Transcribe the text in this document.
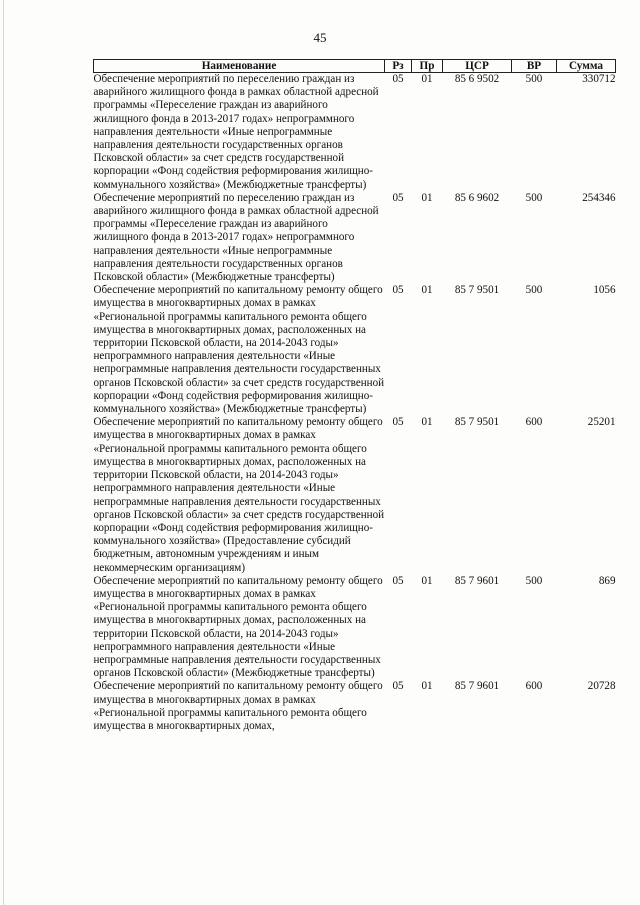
45
Наименование	Рз	Пр	ЦСР	ВР	Сумма
Обеспечение мероприятий по переселению граждан из аварийного жилищного фонда в рамках областной адресной программы «Переселение граждан из аварийного жилищного фонда в 2013-2017 годах» непрограммного направления деятельности «Иные непрограммные направления деятельности государственных органов Псковской области» за счет средств государственной корпорации «Фонд содействия реформирования жилищно-коммунального хозяйства» (Межбюджетные трансферты)	05	01	85 6 9502	500	330712
Обеспечение мероприятий по переселению граждан из аварийного жилищного фонда в рамках областной адресной программы «Переселение граждан из аварийного жилищного фонда в 2013-2017 годах» непрограммного направления деятельности «Иные непрограммные направления деятельности государственных органов Псковской области» (Межбюджетные трансферты)	05	01	85 6 9602	500	254346
Обеспечение мероприятий по капитальному ремонту общего имущества в многоквартирных домах в рамках «Региональной программы капитального ремонта общего имущества в многоквартирных домах, расположенных на территории Псковской области, на 2014-2043 годы» непрограммного направления деятельности «Иные непрограммные направления деятельности государственных органов Псковской области» за счет средств государственной корпорации «Фонд содействия реформирования жилищно-коммунального хозяйства» (Межбюджетные трансферты)	05	01	85 7 9501	500	1056
Обеспечение мероприятий по капитальному ремонту общего имущества в многоквартирных домах в рамках «Региональной программы капитального ремонта общего имущества в многоквартирных домах, расположенных на территории Псковской области, на 2014-2043 годы» непрограммного направления деятельности «Иные непрограммные направления деятельности государственных органов Псковской области» за счет средств государственной корпорации «Фонд содействия реформирования жилищно-коммунального хозяйства» (Предоставление субсидий бюджетным, автономным учреждениям и иным некоммерческим организациям)	05	01	85 7 9501	600	25201
Обеспечение мероприятий по капитальному ремонту общего имущества в многоквартирных домах в рамках «Региональной программы капитального ремонта общего имущества в многоквартирных домах, расположенных на территории Псковской области, на 2014-2043 годы» непрограммного направления деятельности «Иные непрограммные направления деятельности государственных органов Псковской области» (Межбюджетные трансферты)	05	01	85 7 9601	500	869
Обеспечение мероприятий по капитальному ремонту общего имущества в многоквартирных домах в рамках «Региональной программы капитального ремонта общего имущества в многоквартирных домах,	05	01	85 7 9601	600	20728
